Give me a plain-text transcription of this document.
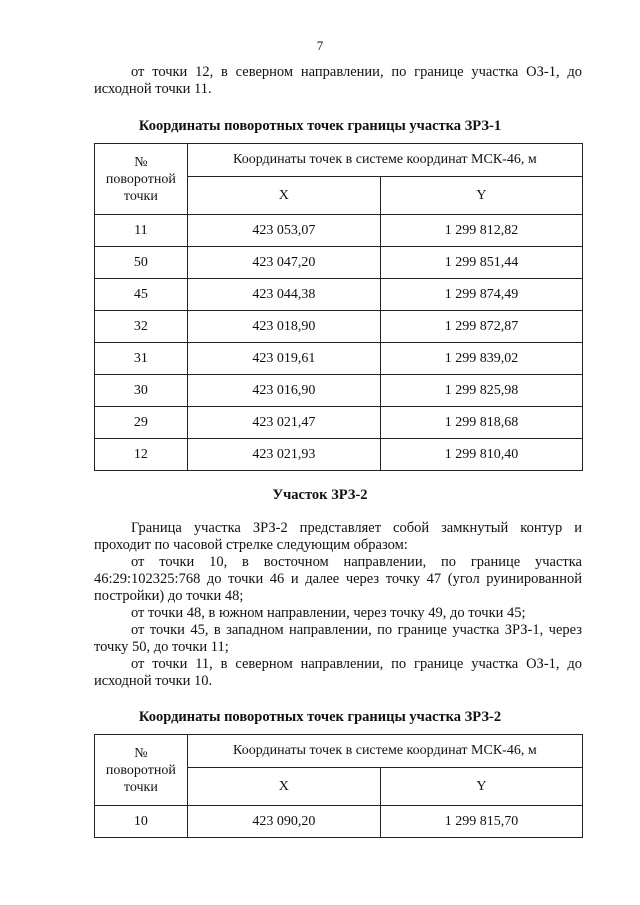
7

от точки 12, в северном направлении, по границе участка ОЗ-1, до исходной точки 11.

Координаты поворотных точек границы участка ЗРЗ-1
№
поворотной
точки	Координаты точек в системе координат МСК-46, м	
	X	Y
11	423 053,07	1 299 812,82
50	423 047,20	1 299 851,44
45	423 044,38	1 299 874,49
32	423 018,90	1 299 872,87
31	423 019,61	1 299 839,02
30	423 016,90	1 299 825,98
29	423 021,47	1 299 818,68
12	423 021,93	1 299 810,40
Участок ЗРЗ-2

Граница участка ЗРЗ-2 представляет собой замкнутый контур и проходит по часовой стрелке следующим образом:

от точки 10, в восточном направлении, по границе участка 46:29:102325:768 до точки 46 и далее через точку 47 (угол руинированной постройки) до точки 48;

от точки 48, в южном направлении, через точку 49, до точки 45;

от точки 45, в западном направлении, по границе участка ЗРЗ-1, через точку 50, до точки 11;

от точки 11, в северном направлении, по границе участка ОЗ-1, до исходной точки 10.

Координаты поворотных точек границы участка ЗРЗ-2
№
поворотной
точки	Координаты точек в системе координат МСК-46, м	
	X	Y
10	423 090,20	1 299 815,70
